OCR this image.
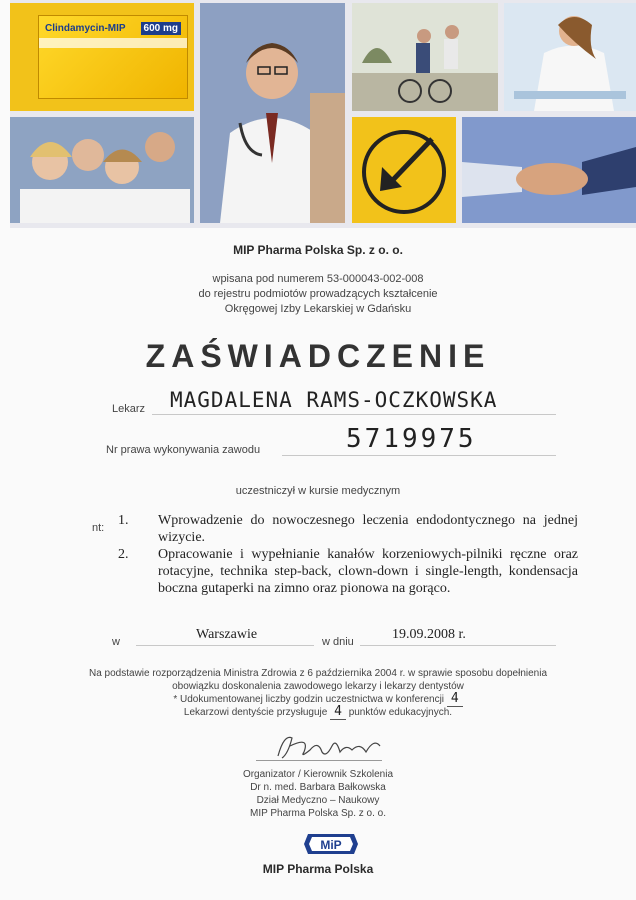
Clindamycin-MIP	600 mg
MIP Pharma Polska Sp. z o. o.
wpisana pod numerem 53-000043-002-008
do rejestru podmiotów prowadzących kształcenie
Okręgowej Izby Lekarskiej w Gdańsku
ZAŚWIADCZENIE
Lekarz MAGDALENA RAMS-OCZKOWSKA
Nr prawa wykonywania zawodu	5719975
uczestniczył w kursie medycznym
nt: 1. Wprowadzenie do nowoczesnego leczenia endodontycznego na jednej wizycie.
2. Opracowanie i wypełnianie kanałów korzeniowych-pilniki ręczne oraz rotacyjne, technika step-back, clown-down i single-length, kondensacja boczna gutaperki na zimno oraz pionowa na gorąco.
w	Warszawie	w dniu	19.09.2008 r.
Na podstawie rozporządzenia Ministra Zdrowia z 6 października 2004 r. w sprawie sposobu dopełnienia
obowiązku doskonalenia zawodowego lekarzy i lekarzy dentystów
* Udokumentowanej liczby godzin uczestnictwa w konferencji 4
Lekarzowi dentyście przysługuje 4 punktów edukacyjnych.
Organizator / Kierownik Szkolenia
Dr n. med. Barbara Bałkowska
Dział Medyczno – Naukowy
MIP Pharma Polska Sp. z o. o.
MiP
MIP Pharma Polska
